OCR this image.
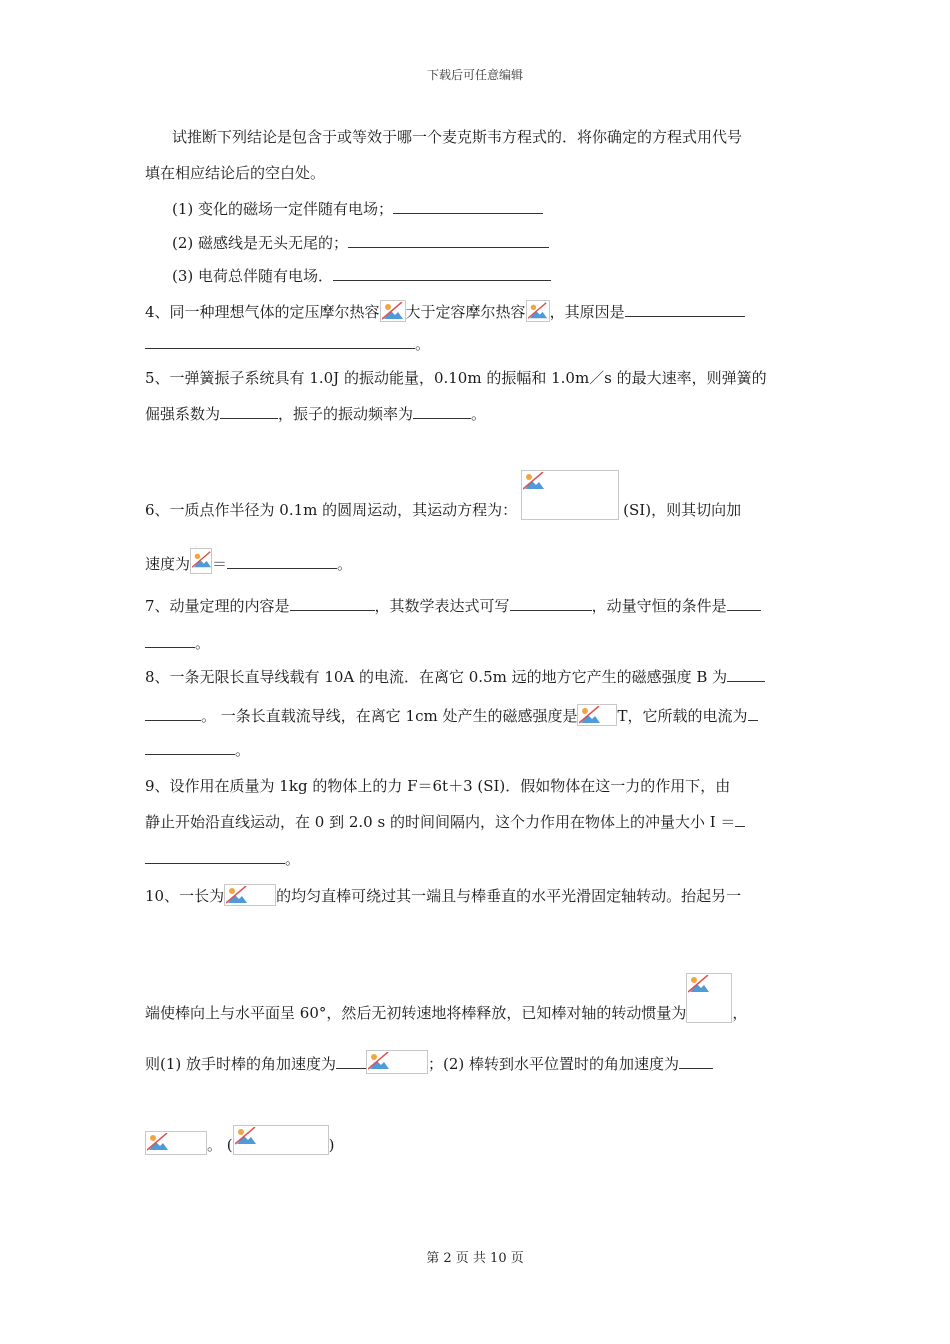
下载后可任意编辑
试推断下列结论是包含于或等效于哪一个麦克斯韦方程式的．将你确定的方程式用代号
填在相应结论后的空白处。
(1) 变化的磁场一定伴随有电场；
(2) 磁感线是无头无尾的；
(3) 电荷总伴随有电场．
4、同一种理想气体的定压摩尔热容 大于定容摩尔热容 ，其原因是
。
5、一弹簧振子系统具有 1.0J 的振动能量，0.10m 的振幅和 1.0m／s 的最大速率，则弹簧的
倔强系数为	，振子的振动频率为	。
6、一质点作半径为 0.1m 的圆周运动，其运动方程为：	(SI)，则其切向加
速度为 ＝	。
7、动量定理的内容是	，其数学表达式可写	，动量守恒的条件是
。
8、一条无限长直导线载有 10A 的电流．在离它 0.5m 远的地方它产生的磁感强度 B 为
。 一条长直载流导线，在离它 1cm 处产生的磁感强度是	T，它所载的电流为
。
9、设作用在质量为 1kg 的物体上的力 F＝6t＋3 (SI)．假如物体在这一力的作用下，由
静止开始沿直线运动，在 0 到 2.0 s 的时间间隔内，这个力作用在物体上的冲量大小 I ＝
。
10、一长为	的均匀直棒可绕过其一端且与棒垂直的水平光滑固定轴转动。抬起另一
端使棒向上与水平面呈 60°，然后无初转速地将棒释放，已知棒对轴的转动惯量为	，
则(1) 放手时棒的角加速度为	；(2) 棒转到水平位置时的角加速度为
。 (	)
第 2 页 共 10 页
